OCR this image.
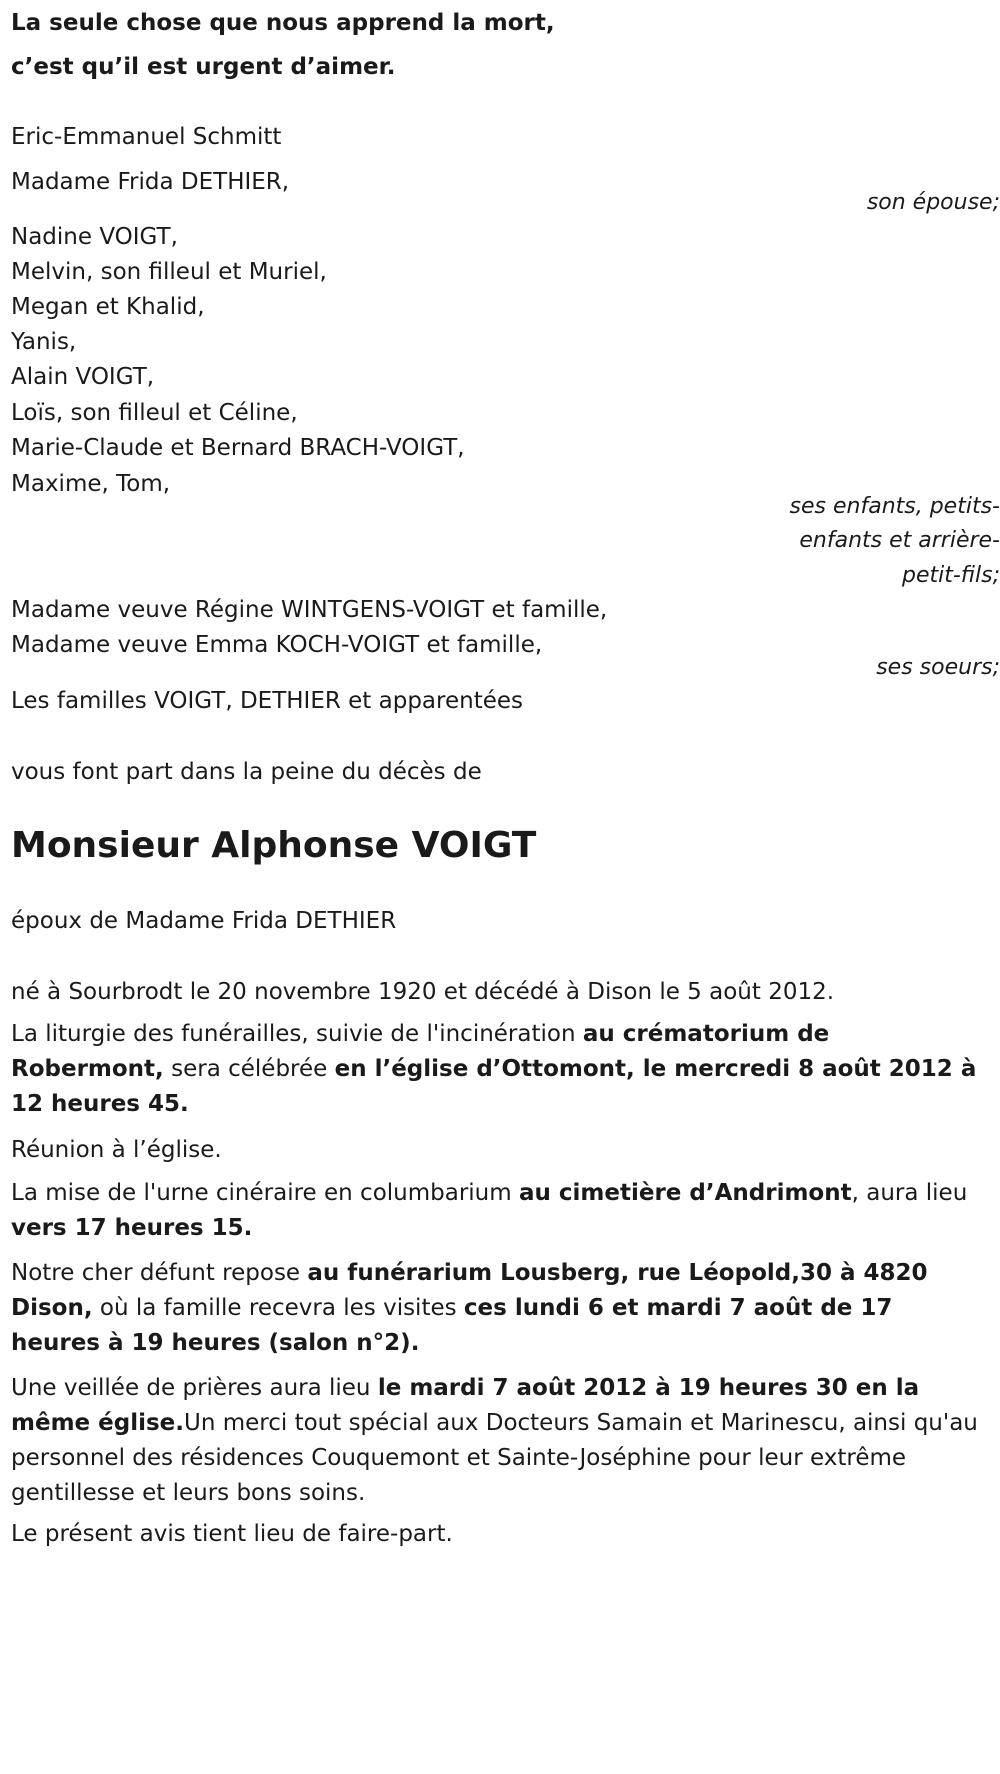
La seule chose que nous apprend la mort,
c’est qu’il est urgent d’aimer.
Eric-Emmanuel Schmitt
Madame Frida DETHIER,
son épouse;
Nadine VOIGT,
Melvin, son filleul et Muriel,
Megan et Khalid,
Yanis,
Alain VOIGT,
Loïs, son filleul et Céline,
Marie-Claude et Bernard BRACH-VOIGT,
Maxime, Tom,
ses enfants, petits-
enfants et arrière-
petit-fils;
Madame veuve Régine WINTGENS-VOIGT et famille,
Madame veuve Emma KOCH-VOIGT et famille,
ses soeurs;
Les familles VOIGT, DETHIER et apparentées
vous font part dans la peine du décès de
Monsieur Alphonse VOIGT
époux de Madame Frida DETHIER
né à Sourbrodt le 20 novembre 1920 et décédé à Dison le 5 août 2012.
La liturgie des funérailles, suivie de l'incinération au crématorium de Robermont, sera célébrée en l’église d’Ottomont, le mercredi 8 août 2012 à 12 heures 45.
Réunion à l’église.
La mise de l'urne cinéraire en columbarium au cimetière d’Andrimont, aura lieu vers 17 heures 15.
Notre cher défunt repose au funérarium Lousberg, rue Léopold,30 à 4820 Dison, où la famille recevra les visites ces lundi 6 et mardi 7 août de 17 heures à 19 heures (salon n°2).
Une veillée de prières aura lieu le mardi 7 août 2012 à 19 heures 30 en la même église.Un merci tout spécial aux Docteurs Samain et Marinescu, ainsi qu'au personnel des résidences Couquemont et Sainte-Joséphine pour leur extrême gentillesse et leurs bons soins.
Le présent avis tient lieu de faire-part.
